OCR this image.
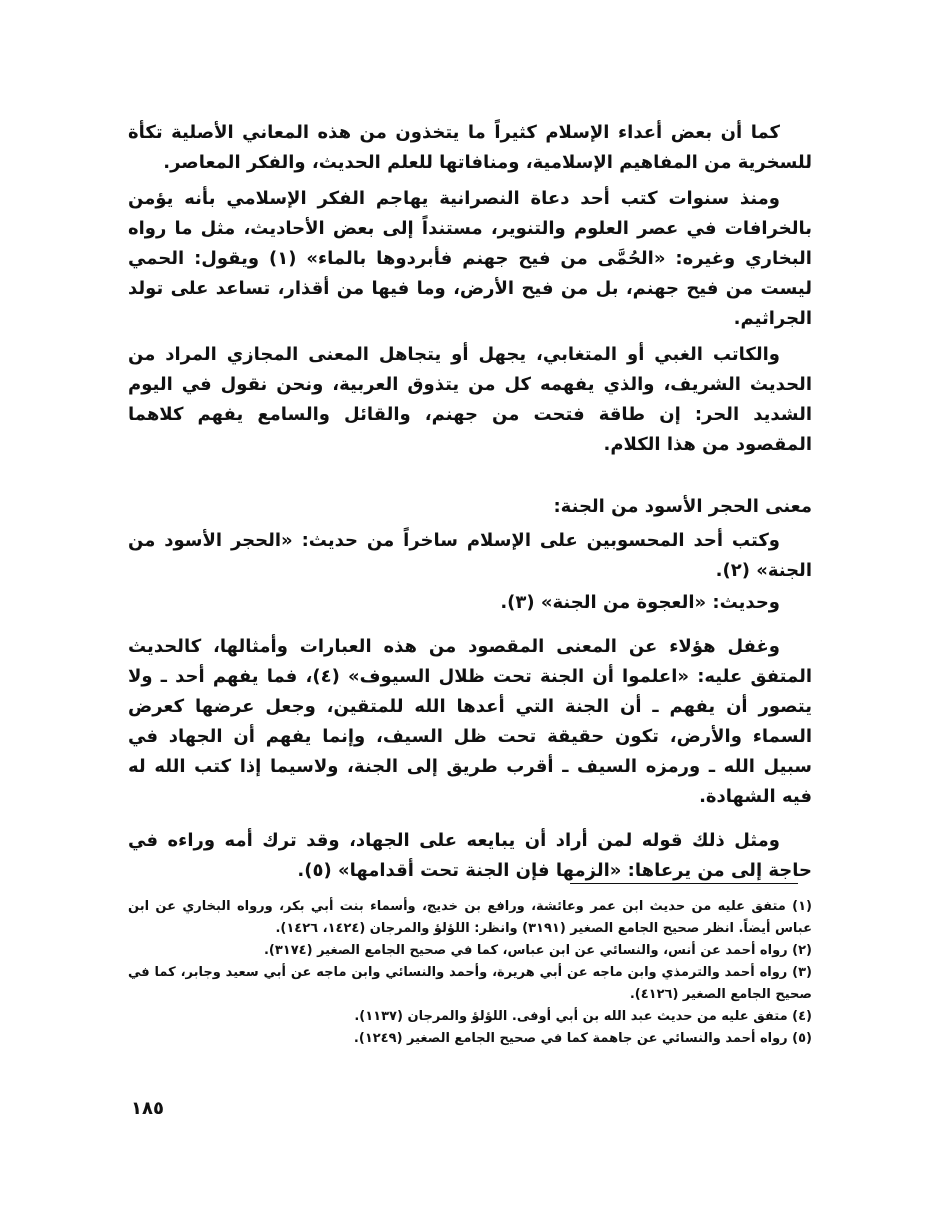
كما أن بعض أعداء الإسلام كثيراً ما يتخذون من هذه المعاني الأصلية تكأة للسخرية من المفاهيم الإسلامية، ومنافاتها للعلم الحديث، والفكر المعاصر.

ومنذ سنوات كتب أحد دعاة النصرانية يهاجم الفكر الإسلامي بأنه يؤمن بالخرافات في عصر العلوم والتنوير، مستنداً إلى بعض الأحاديث، مثل ما رواه البخاري وغيره: «الحُمَّى من فيح جهنم فأبردوها بالماء» (١) ويقول: الحمي ليست من فيح جهنم، بل من فيح الأرض، وما فيها من أقذار، تساعد على تولد الجراثيم.

والكاتب الغبي أو المتغابي، يجهل أو يتجاهل المعنى المجازي المراد من الحديث الشريف، والذي يفهمه كل من يتذوق العربية، ونحن نقول في اليوم الشديد الحر: إن طاقة فتحت من جهنم، والقائل والسامع يفهم كلاهما المقصود من هذا الكلام.

معنى الحجر الأسود من الجنة:

وكتب أحد المحسوبين على الإسلام ساخراً من حديث: «الحجر الأسود من الجنة» (٢).

وحديث: «العجوة من الجنة» (٣).

وغفل هؤلاء عن المعنى المقصود من هذه العبارات وأمثالها، كالحديث المتفق عليه: «اعلموا أن الجنة تحت ظلال السيوف» (٤)، فما يفهم أحد ـ ولا يتصور أن يفهم ـ أن الجنة التي أعدها الله للمتقين، وجعل عرضها كعرض السماء والأرض، تكون حقيقة تحت ظل السيف، وإنما يفهم أن الجهاد في سبيل الله ـ ورمزه السيف ـ أقرب طريق إلى الجنة، ولاسيما إذا كتب الله له فيه الشهادة.

ومثل ذلك قوله لمن أراد أن يبايعه على الجهاد، وقد ترك أمه وراءه في حاجة إلى من يرعاها: «الزمها فإن الجنة تحت أقدامها» (٥).

(١) متفق عليه من حديث ابن عمر وعائشة، ورافع بن خديج، وأسماء بنت أبي بكر، ورواه البخاري عن ابن عباس أيضاً. انظر صحيح الجامع الصغير (٣١٩١) وانظر: اللؤلؤ والمرجان (١٤٢٤، ١٤٢٦).

(٢) رواه أحمد عن أنس، والنسائي عن ابن عباس، كما في صحيح الجامع الصغير (٣١٧٤).

(٣) رواه أحمد والترمذي وابن ماجه عن أبي هريرة، وأحمد والنسائي وابن ماجه عن أبي سعيد وجابر، كما في صحيح الجامع الصغير (٤١٢٦).

(٤) متفق عليه من حديث عبد الله بن أبي أوفى. اللؤلؤ والمرجان (١١٣٧).

(٥) رواه أحمد والنسائي عن جاهمة كما في صحيح الجامع الصغير (١٢٤٩).

١٨٥
